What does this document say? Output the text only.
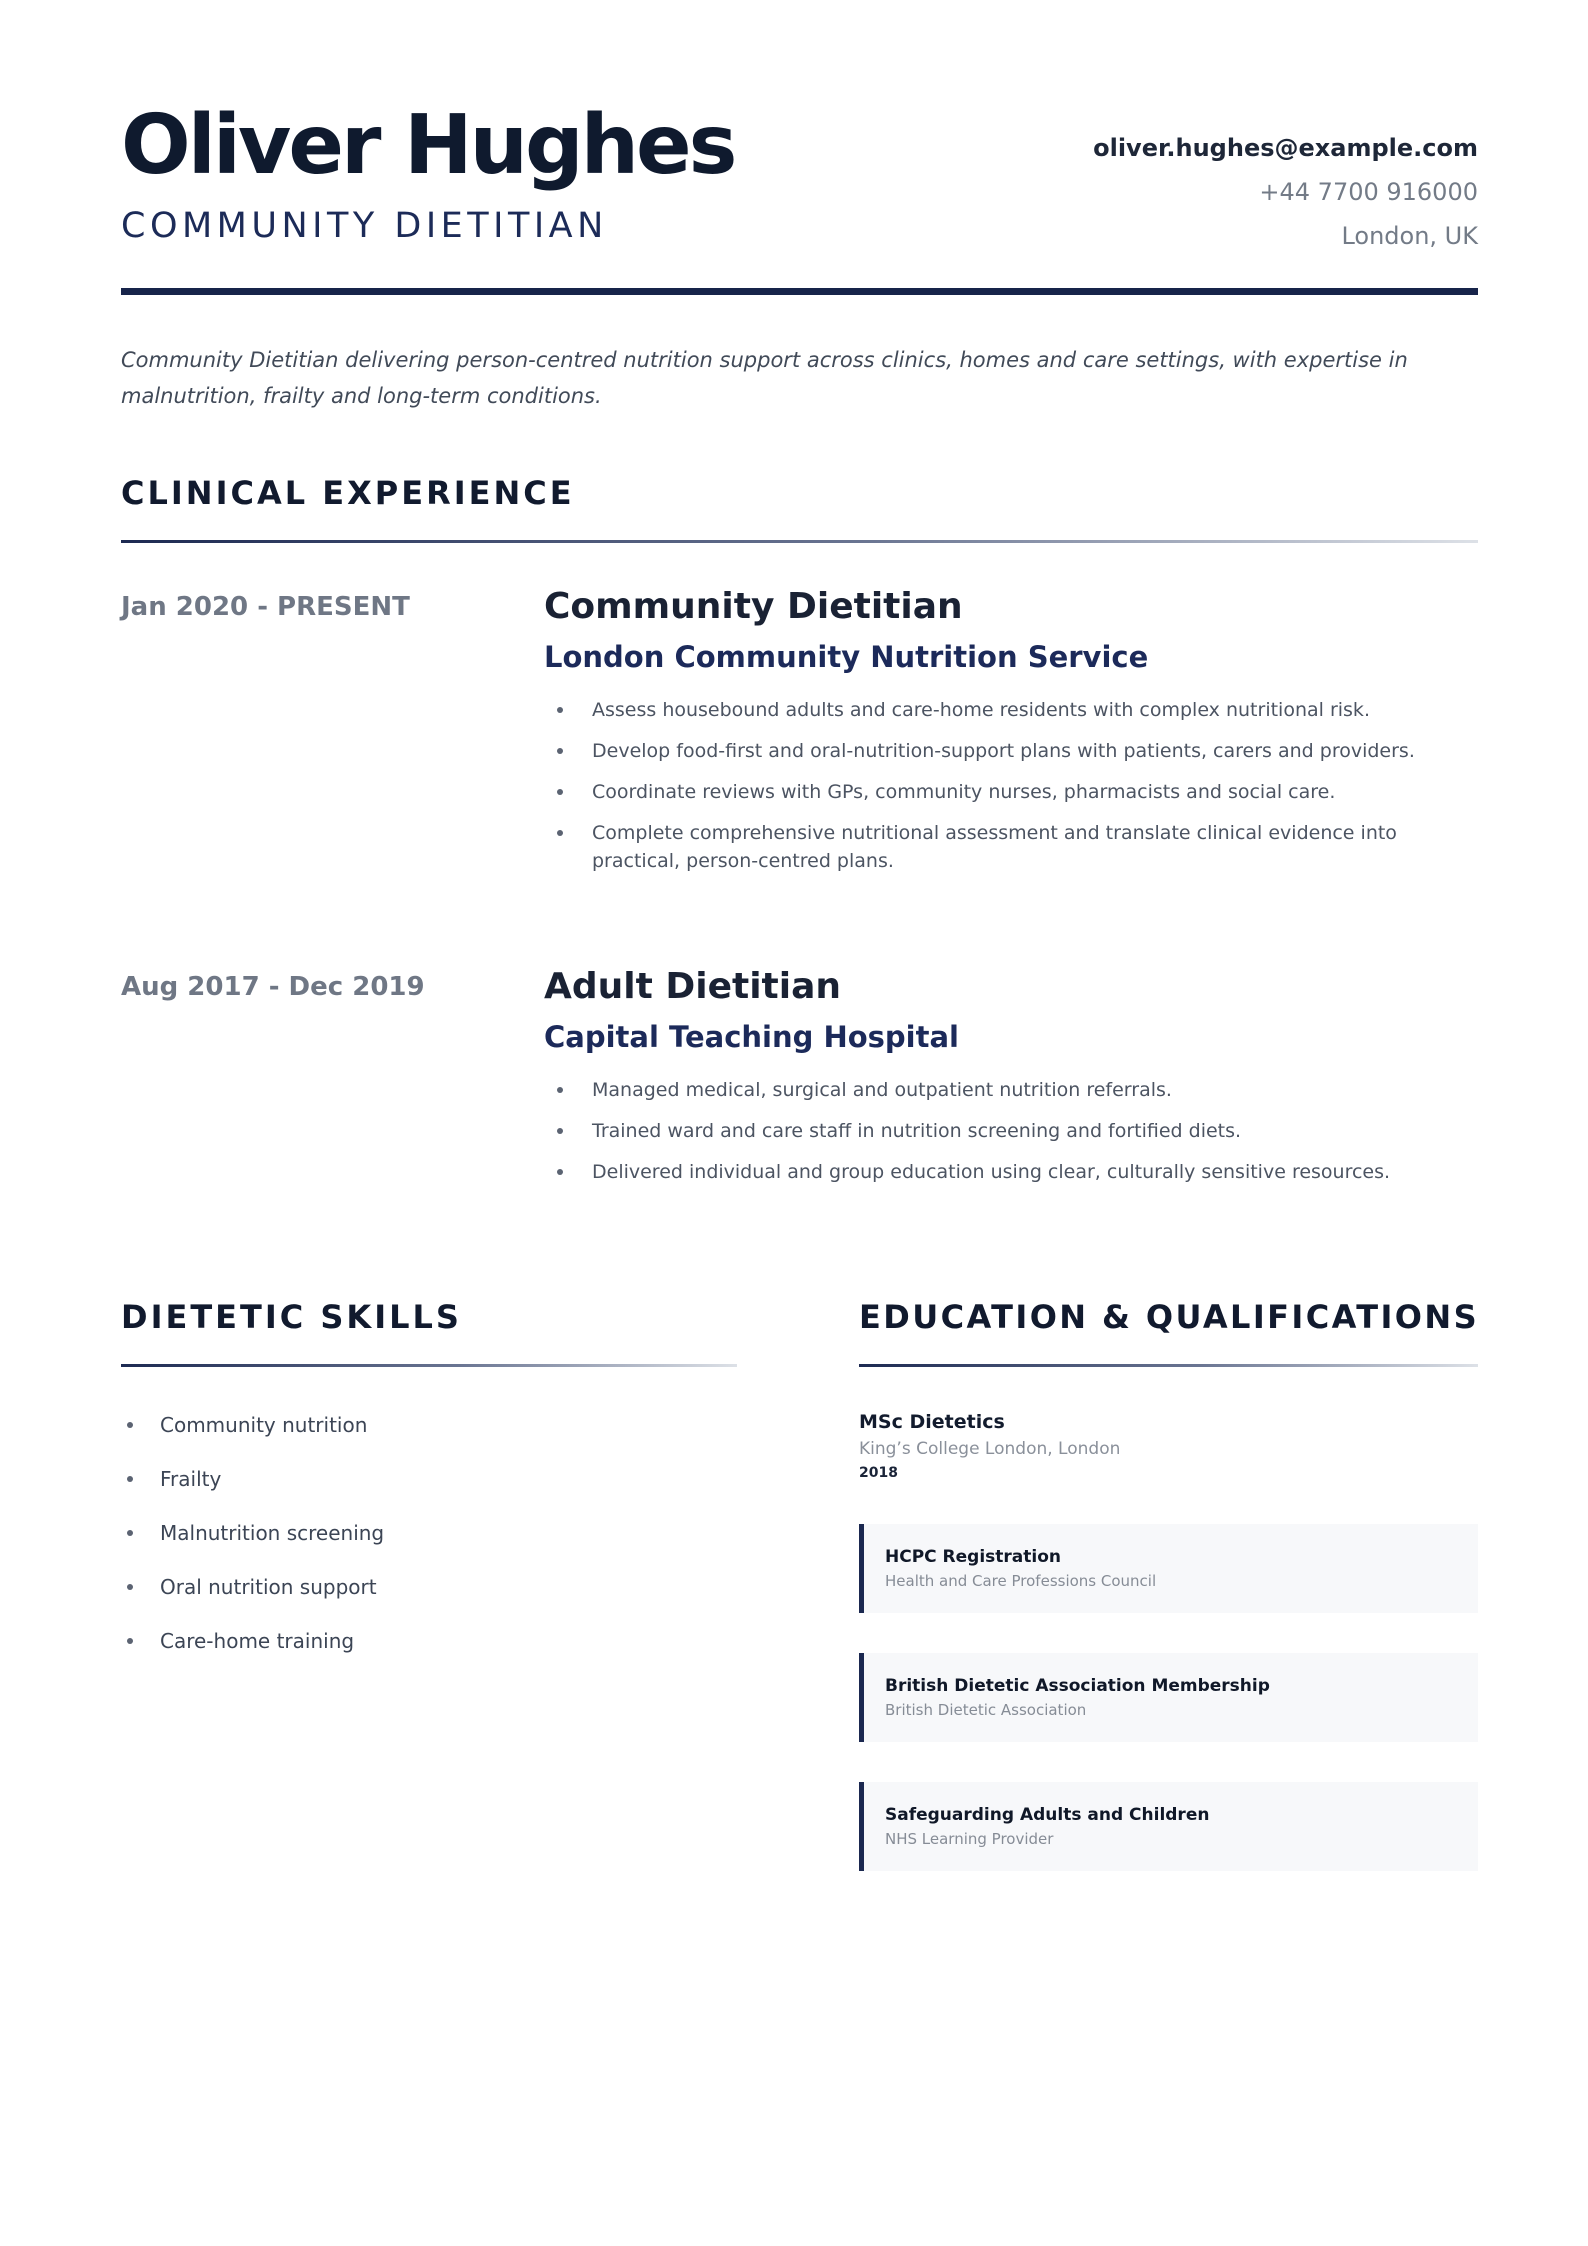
Oliver Hughes
COMMUNITY DIETITIAN
oliver.hughes@example.com
+44 7700 916000
London, UK

Community Dietitian delivering person-centred nutrition support across clinics, homes and care settings, with expertise in malnutrition, frailty and long-term conditions.

CLINICAL EXPERIENCE
Jan 2020 - PRESENT	Community Dietitian
London Community Nutrition Service
Assess housebound adults and care-home residents with complex nutritional risk.
Develop food-first and oral-nutrition-support plans with patients, carers and providers.
Coordinate reviews with GPs, community nurses, pharmacists and social care.
Complete comprehensive nutritional assessment and translate clinical evidence into practical, person-centred plans.
Aug 2017 - Dec 2019	Adult Dietitian
Capital Teaching Hospital
Managed medical, surgical and outpatient nutrition referrals.
Trained ward and care staff in nutrition screening and fortified diets.
Delivered individual and group education using clear, culturally sensitive resources.
DIETETIC SKILLS
Community nutrition
Frailty
Malnutrition screening
Oral nutrition support
Care-home training
EDUCATION & QUALIFICATIONS
MSc Dietetics
King’s College London, London
2018
HCPC Registration
Health and Care Professions Council
British Dietetic Association Membership
British Dietetic Association
Safeguarding Adults and Children
NHS Learning Provider
